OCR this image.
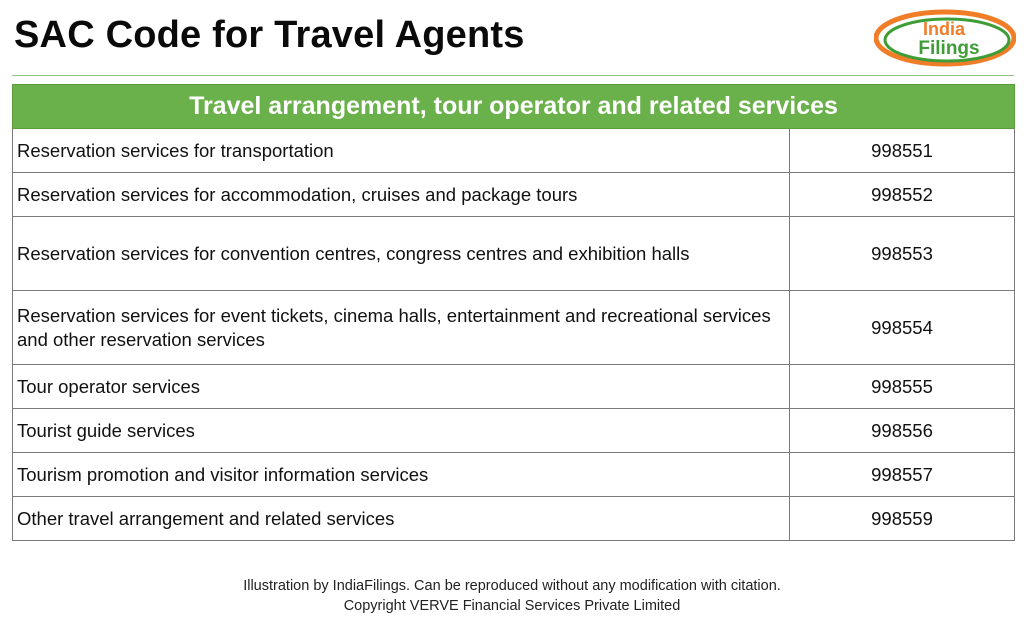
SAC Code for Travel Agents	India
Filings
Travel arrangement, tour operator and related services	
Reservation services for transportation	998551
Reservation services for accommodation, cruises and package tours	998552
Reservation services for convention centres, congress centres and exhibition halls	998553
Reservation services for event tickets, cinema halls, entertainment and recreational services and other reservation services	998554
Tour operator services	998555
Tourist guide services	998556
Tourism promotion and visitor information services	998557
Other travel arrangement and related services	998559
Illustration by IndiaFilings. Can be reproduced without any modification with citation.
Copyright VERVE Financial Services Private Limited
